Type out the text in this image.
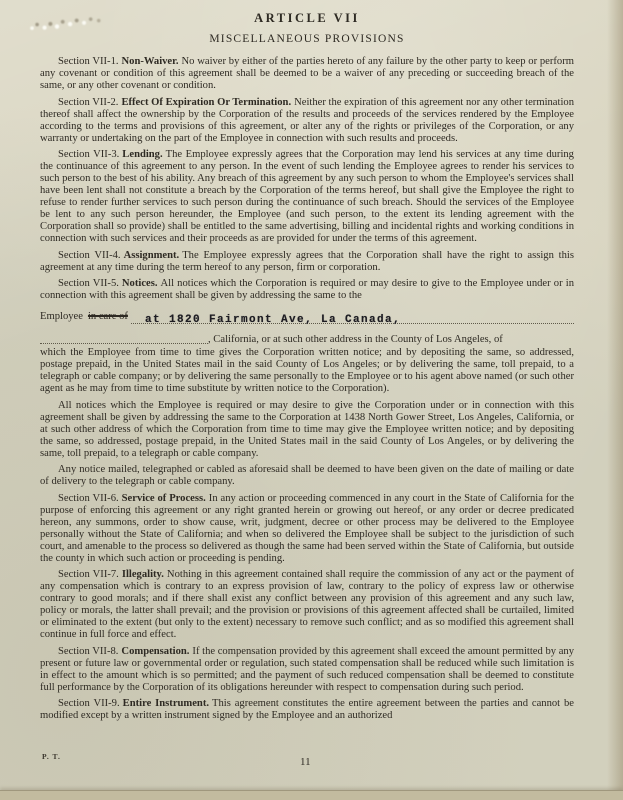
ARTICLE VII
MISCELLANEOUS PROVISIONS

Section VII-1. Non-Waiver. No waiver by either of the parties hereto of any failure by the other party to keep or perform any covenant or condition of this agreement shall be deemed to be a waiver of any preceding or succeeding breach of the same, or any other covenant or condition.

Section VII-2. Effect Of Expiration Or Termination. Neither the expiration of this agreement nor any other termination thereof shall affect the ownership by the Corporation of the results and proceeds of the services rendered by the Employee according to the terms and provisions of this agreement, or alter any of the rights or privileges of the Corporation, or any warranty or undertaking on the part of the Employee in connection with such results and proceeds.

Section VII-3. Lending. The Employee expressly agrees that the Corporation may lend his services at any time during the continuance of this agreement to any person. In the event of such lending the Employee agrees to render his services to such person to the best of his ability. Any breach of this agreement by any such person to whom the Employee's services shall have been lent shall not constitute a breach by the Corporation of the terms hereof, but shall give the Employee the right to refuse to render further services to such person during the continuance of such breach. Should the services of the Employee be lent to any such person hereunder, the Employee (and such person, to the extent its lending agreement with the Corporation shall so provide) shall be entitled to the same advertising, billing and incidental rights and working conditions in connection with such services and their proceeds as are provided for under the terms of this agreement.

Section VII-4. Assignment. The Employee expressly agrees that the Corporation shall have the right to assign this agreement at any time during the term hereof to any person, firm or corporation.

Section VII-5. Notices. All notices which the Corporation is required or may desire to give to the Employee under or in connection with this agreement shall be given by addressing the same to the

Employee in care of	at 1820 Fairmont Ave, La Canada,
, California, or at such other address in the County of Los Angeles, of

which the Employee from time to time gives the Corporation written notice; and by depositing the same, so addressed, postage prepaid, in the United States mail in the said County of Los Angeles; or by delivering the same, toll prepaid, to a telegraph or cable company; or by delivering the same personally to the Employee or to his agent above named (or such other agent as he may from time to time substitute by written notice to the Corporation).

All notices which the Employee is required or may desire to give the Corporation under or in connection with this agreement shall be given by addressing the same to the Corporation at 1438 North Gower Street, Los Angeles, California, or at such other address of which the Corporation from time to time may give the Employee written notice; and by depositing the same, so addressed, postage prepaid, in the United States mail in the said County of Los Angeles, or by delivering the same, toll prepaid, to a telegraph or cable company.

Any notice mailed, telegraphed or cabled as aforesaid shall be deemed to have been given on the date of mailing or date of delivery to the telegraph or cable company.

Section VII-6. Service of Process. In any action or proceeding commenced in any court in the State of California for the purpose of enforcing this agreement or any right granted herein or growing out hereof, or any order or decree predicated hereon, any summons, order to show cause, writ, judgment, decree or other process may be delivered to the Employee personally without the State of California; and when so delivered the Employee shall be subject to the jurisdiction of such court, and amenable to the process so delivered as though the same had been served within the State of California, but outside the county in which such action or proceeding is pending.

Section VII-7. Illegality. Nothing in this agreement contained shall require the commission of any act or the payment of any compensation which is contrary to an express provision of law, contrary to the policy of express law or otherwise contrary to good morals; and if there shall exist any conflict between any provision of this agreement and any such law, policy or morals, the latter shall prevail; and the provision or provisions of this agreement affected shall be curtailed, limited or eliminated to the extent (but only to the extent) necessary to remove such conflict; and as so modified this agreement shall continue in full force and effect.

Section VII-8. Compensation. If the compensation provided by this agreement shall exceed the amount permitted by any present or future law or governmental order or regulation, such stated compensation shall be reduced while such limitation is in effect to the amount which is so permitted; and the payment of such reduced compensation shall be deemed to constitute full performance by the Corporation of its obligations hereunder with respect to compensation during such period.

Section VII-9. Entire Instrument. This agreement constitutes the entire agreement between the parties and cannot be modified except by a written instrument signed by the Employee and an authorized

P. T.	11
